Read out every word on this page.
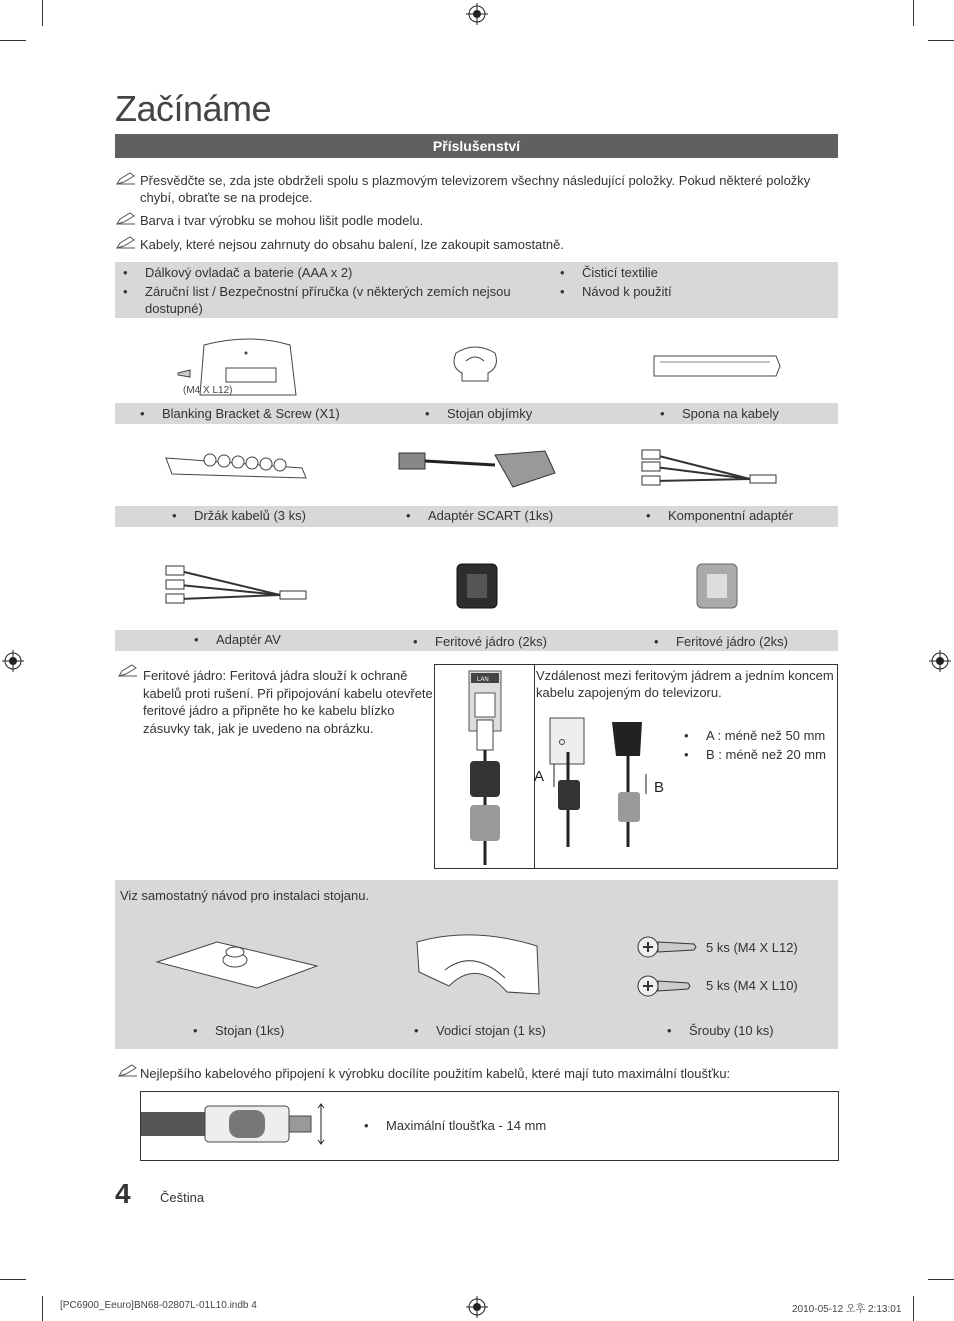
Začínáme
Příslušenství
Přesvědčte se, zda jste obdrželi spolu s plazmovým televizorem všechny následující položky. Pokud některé položky chybí, obraťte se na prodejce.
Barva i tvar výrobku se mohou lišit podle modelu.
Kabely, které nejsou zahrnuty do obsahu balení, lze zakoupit samostatně.
• Dálkový ovladač a baterie (AAA x 2)
• Záruční list / Bezpečnostní příručka (v některých zemích nejsou
dostupné)
• Čisticí textilie
• Návod k použití
(M4 X L12)
• Blanking Bracket & Screw (X1)	• Stojan objímky	• Spona na kabely
• Držák kabelů (3 ks)	• Adaptér SCART (1ks)	• Komponentní adaptér
• Adaptér AV	• Feritové jádro (2ks)	• Feritové jádro (2ks)
Feritové jádro: Feritová jádra slouží k ochraně
kabelů proti rušení. Při připojování kabelu otevřete
feritové jádro a připněte ho ke kabelu blízko
zásuvky tak, jak je uvedeno na obrázku.
LAN	Vzdálenost mezi feritovým jádrem a jedním koncem
kabelu zapojeným do televizoru.
A
B
• A : méně než 50 mm
• B : méně než 20 mm
Viz samostatný návod pro instalaci stojanu.
5 ks (M4 X L12)
5 ks (M4 X L10)
• Stojan (1ks)	• Vodicí stojan (1 ks)	• Šrouby (10 ks)
Nejlepšího kabelového připojení k výrobku docílíte použitím kabelů, které mají tuto maximální tloušťku:
• Maximální tloušťka - 14 mm
4 Čeština
[PC6900_Eeuro]BN68-02807L-01L10.indb 4	2010-05-12 오후 2:13:01
